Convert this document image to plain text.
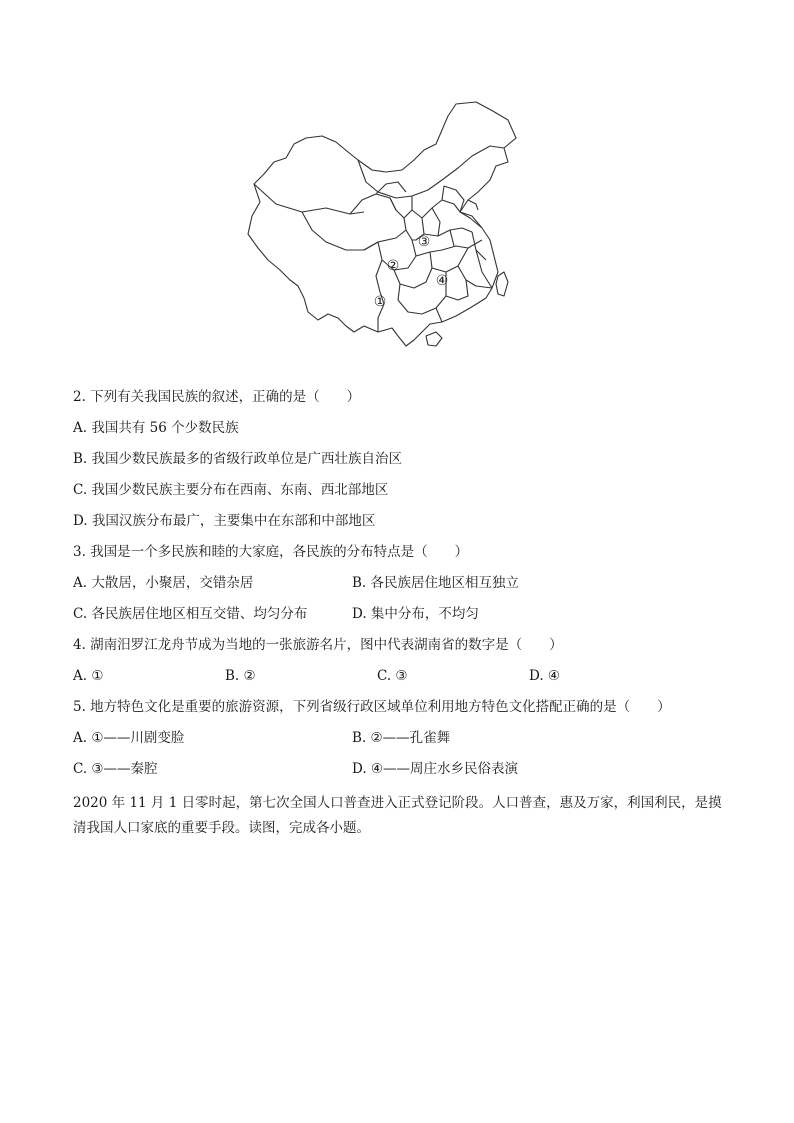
①
②
③
④
2. 下列有关我国民族的叙述，正确的是（　　）
A. 我国共有 56 个少数民族
B. 我国少数民族最多的省级行政单位是广西壮族自治区
C. 我国少数民族主要分布在西南、东南、西北部地区
D. 我国汉族分布最广，主要集中在东部和中部地区
3. 我国是一个多民族和睦的大家庭，各民族的分布特点是（　　）
A. 大散居，小聚居，交错杂居	B. 各民族居住地区相互独立
C. 各民族居住地区相互交错、均匀分布	D. 集中分布，不均匀
4. 湖南汨罗江龙舟节成为当地的一张旅游名片，图中代表湖南省的数字是（　　）
A. ①	B. ②	C. ③	D. ④
5. 地方特色文化是重要的旅游资源，下列省级行政区域单位利用地方特色文化搭配正确的是（　　）
A. ①——川剧变脸	B. ②——孔雀舞
C. ③——秦腔	D. ④——周庄水乡民俗表演
2020 年 11 月 1 日零时起，第七次全国人口普查进入正式登记阶段。人口普查，惠及万家，利国利民，是摸
清我国人口家底的重要手段。读图，完成各小题。
